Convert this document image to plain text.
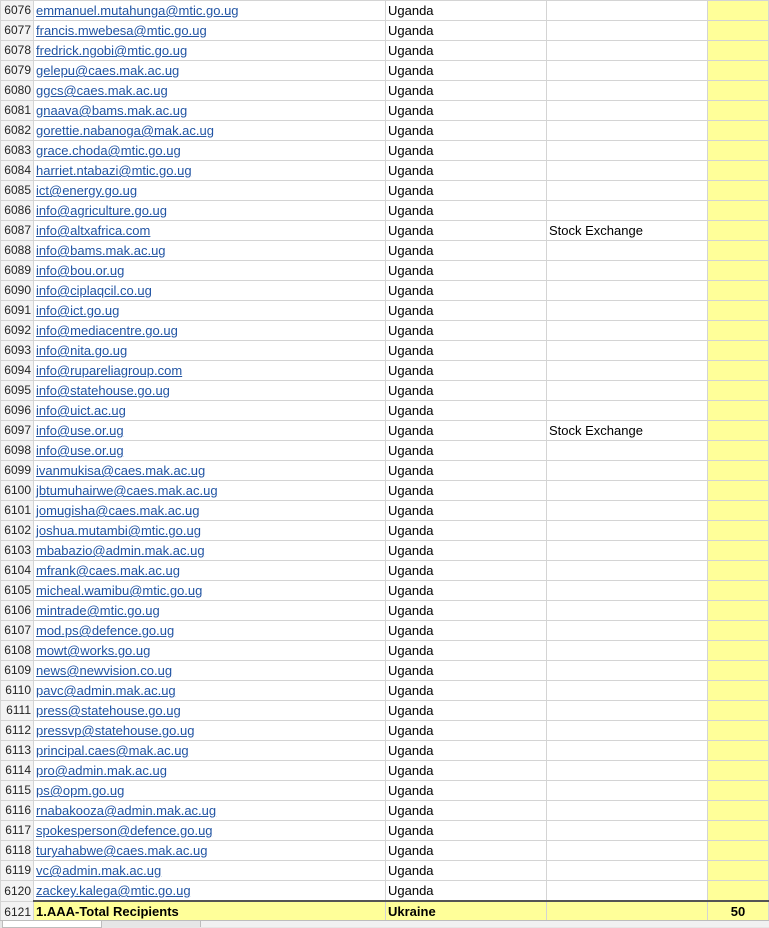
6076	emmanuel.mutahunga@mtic.go.ug	Uganda		
6077	francis.mwebesa@mtic.go.ug	Uganda		
6078	fredrick.ngobi@mtic.go.ug	Uganda		
6079	gelepu@caes.mak.ac.ug	Uganda		
6080	ggcs@caes.mak.ac.ug	Uganda		
6081	gnaava@bams.mak.ac.ug	Uganda		
6082	gorettie.nabanoga@mak.ac.ug	Uganda		
6083	grace.choda@mtic.go.ug	Uganda		
6084	harriet.ntabazi@mtic.go.ug	Uganda		
6085	ict@energy.go.ug	Uganda		
6086	info@agriculture.go.ug	Uganda		
6087	info@altxafrica.com	Uganda	Stock Exchange	
6088	info@bams.mak.ac.ug	Uganda		
6089	info@bou.or.ug	Uganda		
6090	info@ciplaqcil.co.ug	Uganda		
6091	info@ict.go.ug	Uganda		
6092	info@mediacentre.go.ug	Uganda		
6093	info@nita.go.ug	Uganda		
6094	info@rupareliagroup.com	Uganda		
6095	info@statehouse.go.ug	Uganda		
6096	info@uict.ac.ug	Uganda		
6097	info@use.or.ug	Uganda	Stock Exchange	
6098	info@use.or.ug	Uganda		
6099	ivanmukisa@caes.mak.ac.ug	Uganda		
6100	jbtumuhairwe@caes.mak.ac.ug	Uganda		
6101	jomugisha@caes.mak.ac.ug	Uganda		
6102	joshua.mutambi@mtic.go.ug	Uganda		
6103	mbabazio@admin.mak.ac.ug	Uganda		
6104	mfrank@caes.mak.ac.ug	Uganda		
6105	micheal.wamibu@mtic.go.ug	Uganda		
6106	mintrade@mtic.go.ug	Uganda		
6107	mod.ps@defence.go.ug	Uganda		
6108	mowt@works.go.ug	Uganda		
6109	news@newvision.co.ug	Uganda		
6110	pavc@admin.mak.ac.ug	Uganda		
6111	press@statehouse.go.ug	Uganda		
6112	pressvp@statehouse.go.ug	Uganda		
6113	principal.caes@mak.ac.ug	Uganda		
6114	pro@admin.mak.ac.ug	Uganda		
6115	ps@opm.go.ug	Uganda		
6116	rnabakooza@admin.mak.ac.ug	Uganda		
6117	spokesperson@defence.go.ug	Uganda		
6118	turyahabwe@caes.mak.ac.ug	Uganda		
6119	vc@admin.mak.ac.ug	Uganda		
6120	zackey.kalega@mtic.go.ug	Uganda		
6121	1.AAA-Total Recipients	Ukraine		50
